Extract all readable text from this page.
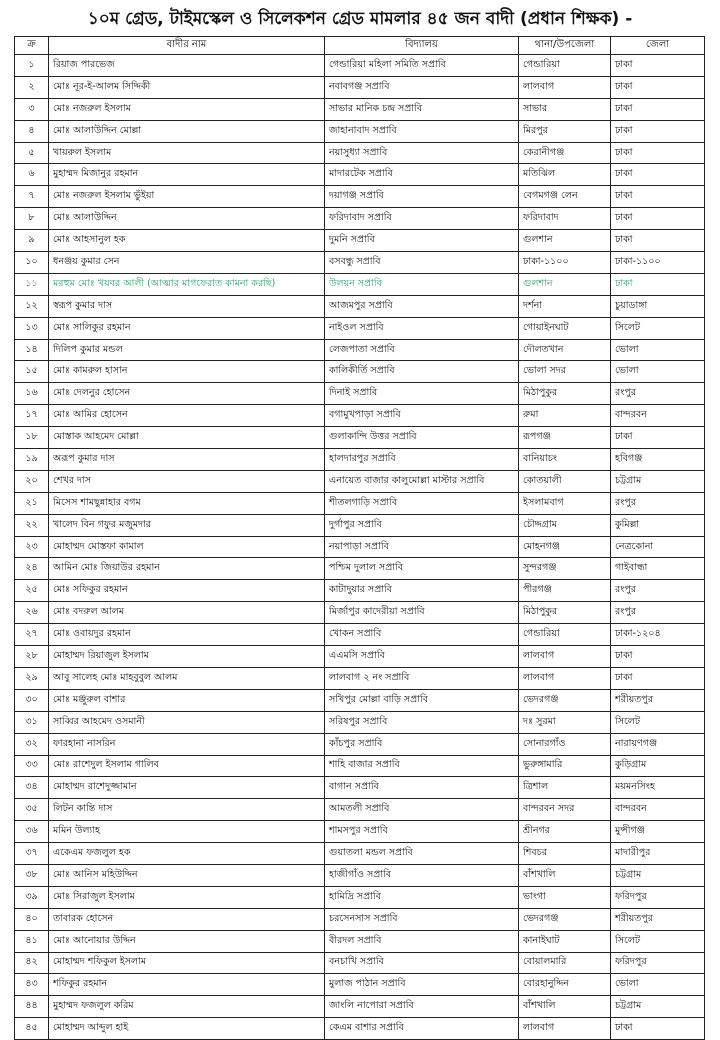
১০ম গ্রেড, টাইমস্কেল ও সিলেকশন গ্রেড মামলার ৪৫ জন বাদী (প্রধান শিক্ষক) -
ক্র	বাদীর নাম	বিদ্যালয়	থানা/উপজেলা	জেলা
১	রিয়াজ পারভেজ	গেন্ডারিয়া মহিলা সমিতি সপ্রাবি	গেন্ডারিয়া	ঢাকা
২	মোঃ নূর-ই-আলম সিদ্দিকী	নবাবগঞ্জ সপ্রাবি	লালবাগ	ঢাকা
৩	মোঃ নজরুল ইসলাম	সাভার মানিক চন্দ্র সপ্রাবি	সাভার	ঢাকা
৪	মোঃ আলাউদ্দিন মোল্লা	জাহানাবাদ সপ্রাবি	মিরপুর	ঢাকা
৫	খায়রুল ইসলাম	নয়াসুধ্যা সপ্রাবি	কেরানীগঞ্জ	ঢাকা
৬	মুহাম্মদ মিজানুর রহমান	মাদারটেক সপ্রাবি	মতিঝিল	ঢাকা
৭	মোঃ নজরুল ইসলাম ভুঁইয়া	দয়াগঞ্জ সপ্রাবি	বেগমগঞ্জ লেন	ঢাকা
৮	মোঃ আলাউদ্দিন	ফরিদাবাদ সপ্রাবি	ফরিদাবাদ	ঢাকা
৯	মোঃ আহসানুল হক	দুমনি সপ্রাবি	গুলশান	ঢাকা
১০	ধনঞ্জয় কুমার সেন	বসবন্ধু সপ্রাবি	ঢাকা-১১০০	ঢাকা-১১০০
১১	মরহুম মোঃ খয়বর আলী (আত্মার মাগফেরাত কামনা করছি)	উলয়ন সপ্রাবি	গুলশান	ঢাকা
১২	স্বরূপ কুমার দাস	আজমপুর সপ্রাবি	দর্শনা	চুয়াডাঙ্গা
১৩	মোঃ সালিকুর রহমান	নাইওল সপ্রাবি	গোয়াইনঘাট	সিলেট
১৪	দিলিপ কুমার মন্ডল	লেজপাতা সপ্রাবি	দৌলতখান	ভোলা
১৫	মোঃ কামরুল হাসান	কালিকীর্তি সপ্রাবি	ভোলা সদর	ভোলা
১৬	মোঃ দেলনুর হোসেন	দিনাই সপ্রাবি	মিঠাপুকুর	রংপুর
১৭	মোঃ আমির হোসেন	বগামুখপাড়া সপ্রাবি	রুমা	বান্দরবন
১৮	মোস্তাক আহমেদ মোল্লা	গুলাকান্দি উত্তর সপ্রাবি	রূপগঞ্জ	ঢাকা
১৯	অরূপ কুমার দাস	হালদারপুর সপ্রাবি	বানিয়াচং	হবিগঞ্জ
২০	শেখর দাস	এনায়েত বাজার কালুমোল্লা মাস্টার সপ্রাবি	কোতয়ালী	চট্টগ্রাম
২১	মিসেস শামছুন্নাহার বগম	শীতলগাড়ি সপ্রাবি	ইসলামবাগ	রংপুর
২২	খালেদ বিন গফুর মজুমদার	দুর্গাপুর সপ্রাবি	চৌদ্দগ্রাম	কুমিল্লা
২৩	মোহাম্মদ মোস্তফা কামাল	নয়াপাড়া সপ্রাবি	মোহনগঞ্জ	নেত্রকোনা
২৪	আমিন মোঃ জিয়াউর রহমান	পশ্চিম দুলাল সপ্রাবি	সুন্দরগঞ্জ	গাইবান্ধা
২৫	মোঃ সফিকুর রহমান	কাটাদুয়ার সপ্রাবি	পীরগঞ্জ	রংপুর
২৬	মোঃ বদরুল আলম	মির্জাপুর কাদেরীয়া সপ্রাবি	মিঠাপুকুর	রংপুর
২৭	মোঃ ওবায়দুর রহমান	খোকন সপ্রাবি	গেন্ডারিয়া	ঢাকা-১২০৪
২৮	মোহাম্মদ রিয়াজুল ইসলাম	এএমসি সপ্রাবি	লালবাগ	ঢাকা
২৯	আবু সালেহ মোঃ মাহবুবুল আলম	লালবাগ ২ নং সপ্রাবি	লালবাগ	ঢাকা
৩০	মোঃ মঞ্জুরুল বাশার	সখিপুর মোল্লা বাড়ি সপ্রাবি	ভেদরগঞ্জ	শরীয়তপুর
৩১	সাব্বির আহমেদ ওসমানী	সরিষপুর সপ্রাবি	দঃ সুরমা	সিলেট
৩২	ফারহানা নাসরিন	কাঁচপুর সপ্রাবি	সোনারগাঁও	নারায়ণগঞ্জ
৩৩	মোঃ রাশেদুল ইসলাম গালিব	শাহি বাজার সপ্রাবি	ভুরুঙ্গামারি	কুড়িগ্রাম
৩৪	মোহাম্মদ রাশেদুজ্জামান	বাগান সপ্রাবি	ত্রিশাল	ময়মনসিংহ
৩৫	লিটন কান্তি দাস	আমতলী সপ্রাবি	বান্দরবন সদর	বান্দরবন
৩৬	মমিন উল্যাহ	শামসপুর সপ্রাবি	শ্রীনগর	মুন্সীগঞ্জ
৩৭	একেএম ফজলুল হক	গুয়াতলা মন্ডল সপ্রাবি	শিবচর	মাদারীপুর
৩৮	মোঃ আনিস মহিউদ্দিন	হাজীগাঁও সপ্রাবি	বাঁশখালি	চট্টগ্রাম
৩৯	মোঃ সিরাজুল ইসলাম	হামিদ্রি সপ্রাবি	ভাংগা	ফরিদপুর
৪০	তাবারক হোসেন	চরসেনসাস সপ্রাবি	ভেদরগঞ্জ	শরীয়তপুর
৪১	মোঃ আনোয়ার উদ্দিন	বীরদল সপ্রাবি	কানাইঘাট	সিলেট
৪২	মোহাম্মদ শফিকুল ইসলাম	বনচাখি সপ্রাবি	বোয়ালমারি	ফরিদপুর
৪৩	শফিকুর রহমান	মুলাজ পাঠান সপ্রাবি	বোরহানুদ্দিন	ভোলা
৪৪	মুহাম্মদ ফজলুল করিম	জাংলি নাপোরা সপ্রাবি	বাঁশখালি	চট্টগ্রাম
৪৫	মোহাম্মদ আব্দুল হাই	কেএম বাশার সপ্রাবি	লালবাগ	ঢাকা
